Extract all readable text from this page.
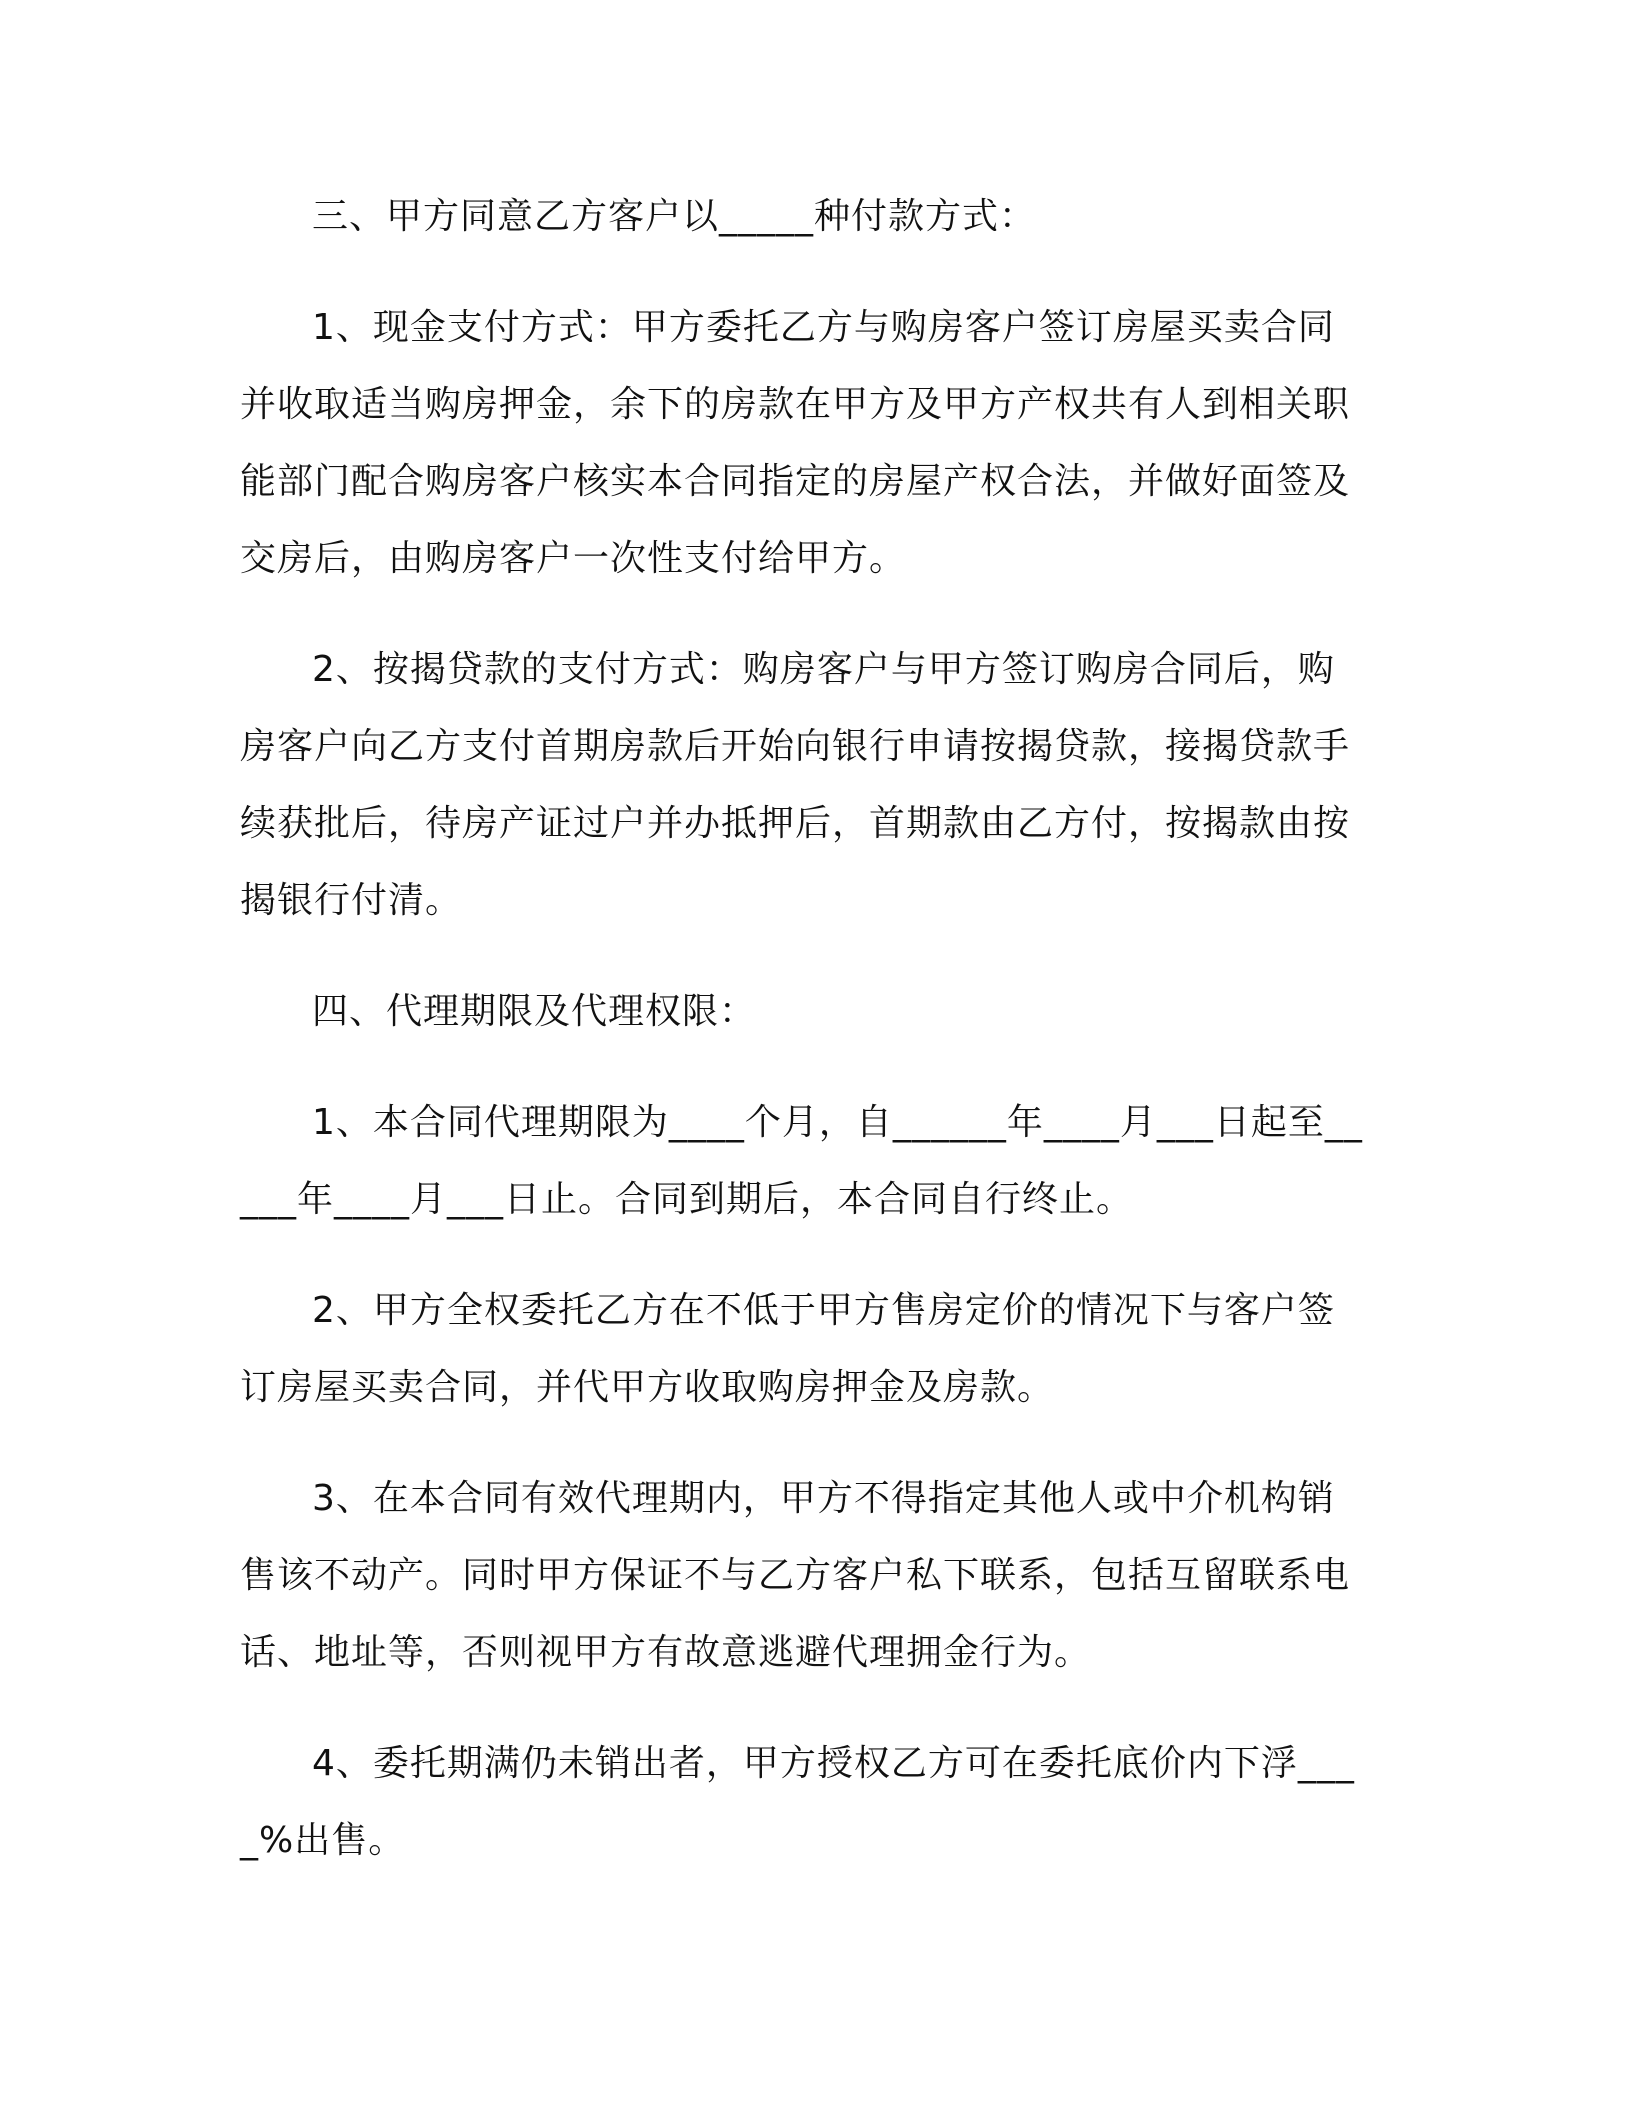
三、甲方同意乙方客户以_____种付款方式：

1、现金支付方式：甲方委托乙方与购房客户签订房屋买卖合同并收取适当购房押金，余下的房款在甲方及甲方产权共有人到相关职能部门配合购房客户核实本合同指定的房屋产权合法，并做好面签及交房后，由购房客户一次性支付给甲方。

2、按揭贷款的支付方式：购房客户与甲方签订购房合同后，购房客户向乙方支付首期房款后开始向银行申请按揭贷款，接揭贷款手续获批后，待房产证过户并办抵押后，首期款由乙方付，按揭款由按揭银行付清。

四、代理期限及代理权限：

1、本合同代理期限为____个月，自______年____月___日起至_____年____月___日止。合同到期后，本合同自行终止。

2、甲方全权委托乙方在不低于甲方售房定价的情况下与客户签订房屋买卖合同，并代甲方收取购房押金及房款。

3、在本合同有效代理期内，甲方不得指定其他人或中介机构销售该不动产。同时甲方保证不与乙方客户私下联系，包括互留联系电话、地址等，否则视甲方有故意逃避代理拥金行为。

4、委托期满仍未销出者，甲方授权乙方可在委托底价内下浮____%出售。
